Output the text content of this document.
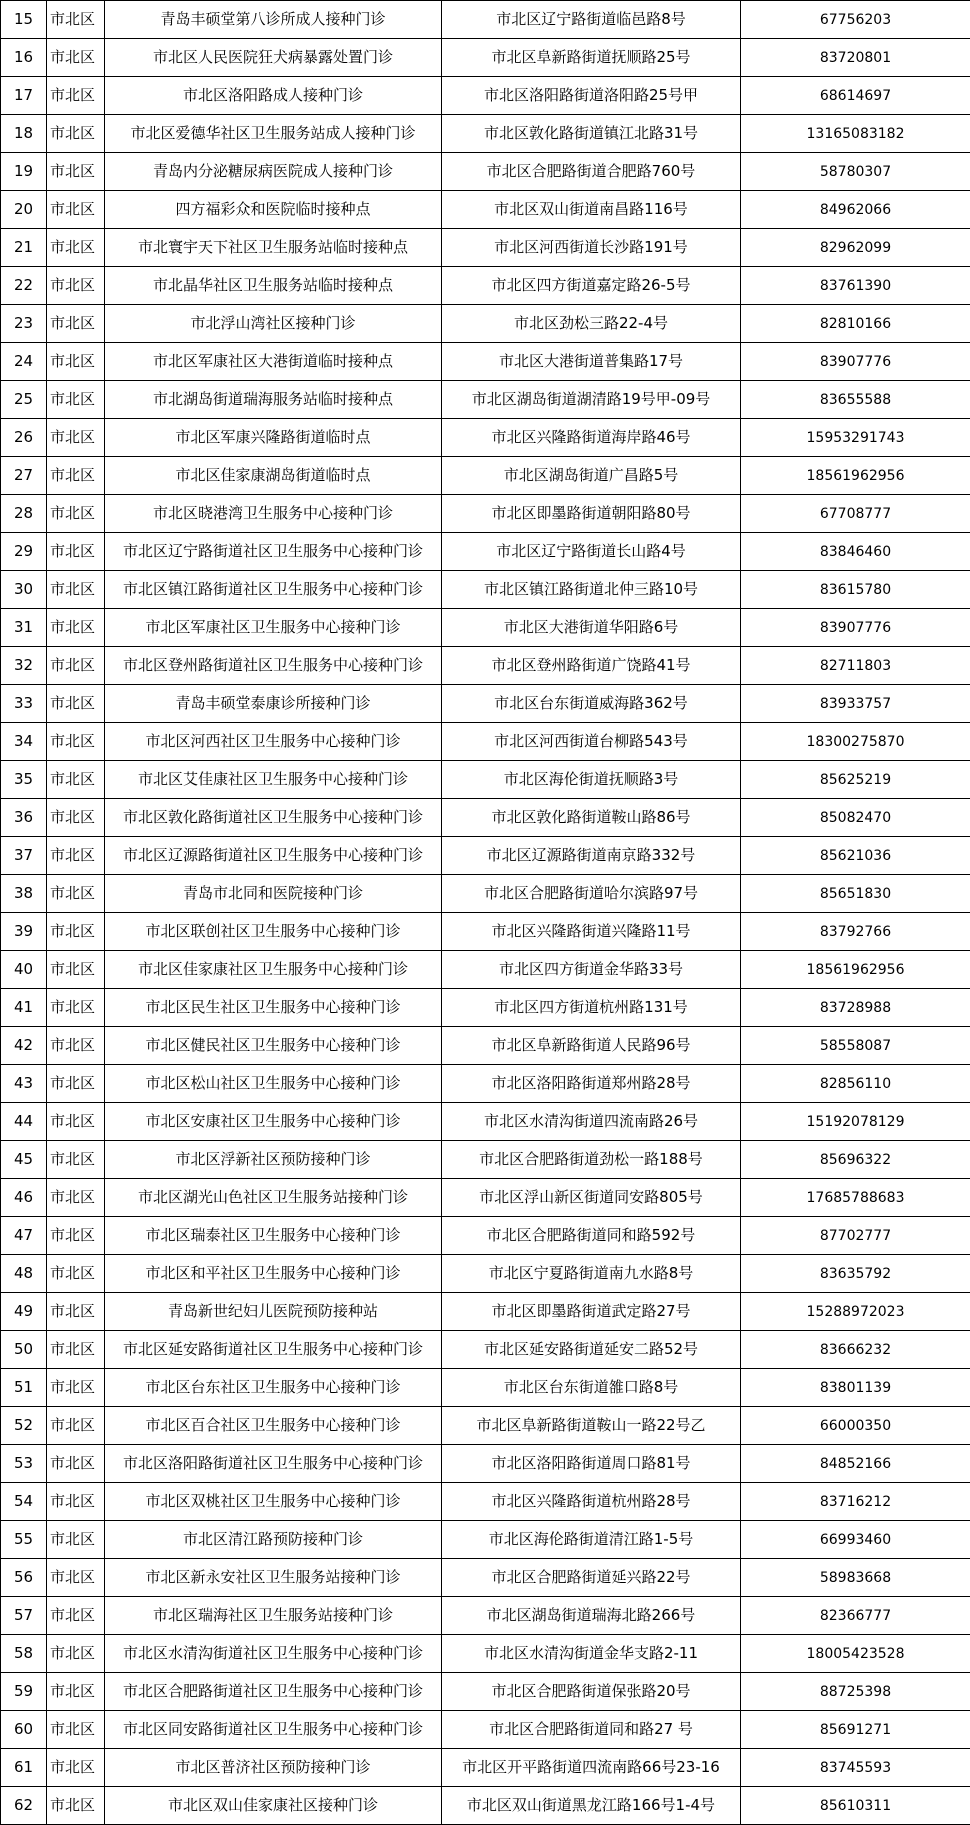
15	市北区	青岛丰硕堂第八诊所成人接种门诊	市北区辽宁路街道临邑路8号	67756203
16	市北区	市北区人民医院狂犬病暴露处置门诊	市北区阜新路街道抚顺路25号	83720801
17	市北区	市北区洛阳路成人接种门诊	市北区洛阳路街道洛阳路25号甲	68614697
18	市北区	市北区爱德华社区卫生服务站成人接种门诊	市北区敦化路街道镇江北路31号	13165083182
19	市北区	青岛内分泌糖尿病医院成人接种门诊	市北区合肥路街道合肥路760号	58780307
20	市北区	四方福彩众和医院临时接种点	市北区双山街道南昌路116号	84962066
21	市北区	市北寰宇天下社区卫生服务站临时接种点	市北区河西街道长沙路191号	82962099
22	市北区	市北晶华社区卫生服务站临时接种点	市北区四方街道嘉定路26-5号	83761390
23	市北区	市北浮山湾社区接种门诊	市北区劲松三路22-4号	82810166
24	市北区	市北区军康社区大港街道临时接种点	市北区大港街道普集路17号	83907776
25	市北区	市北湖岛街道瑞海服务站临时接种点	市北区湖岛街道湖清路19号甲-09号	83655588
26	市北区	市北区军康兴隆路街道临时点	市北区兴隆路街道海岸路46号	15953291743
27	市北区	市北区佳家康湖岛街道临时点	市北区湖岛街道广昌路5号	18561962956
28	市北区	市北区晓港湾卫生服务中心接种门诊	市北区即墨路街道朝阳路80号	67708777
29	市北区	市北区辽宁路街道社区卫生服务中心接种门诊	市北区辽宁路街道长山路4号	83846460
30	市北区	市北区镇江路街道社区卫生服务中心接种门诊	市北区镇江路街道北仲三路10号	83615780
31	市北区	市北区军康社区卫生服务中心接种门诊	市北区大港街道华阳路6号	83907776
32	市北区	市北区登州路街道社区卫生服务中心接种门诊	市北区登州路街道广饶路41号	82711803
33	市北区	青岛丰硕堂泰康诊所接种门诊	市北区台东街道威海路362号	83933757
34	市北区	市北区河西社区卫生服务中心接种门诊	市北区河西街道台柳路543号	18300275870
35	市北区	市北区艾佳康社区卫生服务中心接种门诊	市北区海伦街道抚顺路3号	85625219
36	市北区	市北区敦化路街道社区卫生服务中心接种门诊	市北区敦化路街道鞍山路86号	85082470
37	市北区	市北区辽源路街道社区卫生服务中心接种门诊	市北区辽源路街道南京路332号	85621036
38	市北区	青岛市北同和医院接种门诊	市北区合肥路街道哈尔滨路97号	85651830
39	市北区	市北区联创社区卫生服务中心接种门诊	市北区兴隆路街道兴隆路11号	83792766
40	市北区	市北区佳家康社区卫生服务中心接种门诊	市北区四方街道金华路33号	18561962956
41	市北区	市北区民生社区卫生服务中心接种门诊	市北区四方街道杭州路131号	83728988
42	市北区	市北区健民社区卫生服务中心接种门诊	市北区阜新路街道人民路96号	58558087
43	市北区	市北区松山社区卫生服务中心接种门诊	市北区洛阳路街道郑州路28号	82856110
44	市北区	市北区安康社区卫生服务中心接种门诊	市北区水清沟街道四流南路26号	15192078129
45	市北区	市北区浮新社区预防接种门诊	市北区合肥路街道劲松一路188号	85696322
46	市北区	市北区湖光山色社区卫生服务站接种门诊	市北区浮山新区街道同安路805号	17685788683
47	市北区	市北区瑞泰社区卫生服务中心接种门诊	市北区合肥路街道同和路592号	87702777
48	市北区	市北区和平社区卫生服务中心接种门诊	市北区宁夏路街道南九水路8号	83635792
49	市北区	青岛新世纪妇儿医院预防接种站	市北区即墨路街道武定路27号	15288972023
50	市北区	市北区延安路街道社区卫生服务中心接种门诊	市北区延安路街道延安二路52号	83666232
51	市北区	市北区台东社区卫生服务中心接种门诊	市北区台东街道雒口路8号	83801139
52	市北区	市北区百合社区卫生服务中心接种门诊	市北区阜新路街道鞍山一路22号乙	66000350
53	市北区	市北区洛阳路街道社区卫生服务中心接种门诊	市北区洛阳路街道周口路81号	84852166
54	市北区	市北区双桃社区卫生服务中心接种门诊	市北区兴隆路街道杭州路28号	83716212
55	市北区	市北区清江路预防接种门诊	市北区海伦路街道清江路1-5号	66993460
56	市北区	市北区新永安社区卫生服务站接种门诊	市北区合肥路街道延兴路22号	58983668
57	市北区	市北区瑞海社区卫生服务站接种门诊	市北区湖岛街道瑞海北路266号	82366777
58	市北区	市北区水清沟街道社区卫生服务中心接种门诊	市北区水清沟街道金华支路2-11	18005423528
59	市北区	市北区合肥路街道社区卫生服务中心接种门诊	市北区合肥路街道保张路20号	88725398
60	市北区	市北区同安路街道社区卫生服务中心接种门诊	市北区合肥路街道同和路27 号	85691271
61	市北区	市北区普济社区预防接种门诊	市北区开平路街道四流南路66号23-16	83745593
62	市北区	市北区双山佳家康社区接种门诊	市北区双山街道黑龙江路166号1-4号	85610311
